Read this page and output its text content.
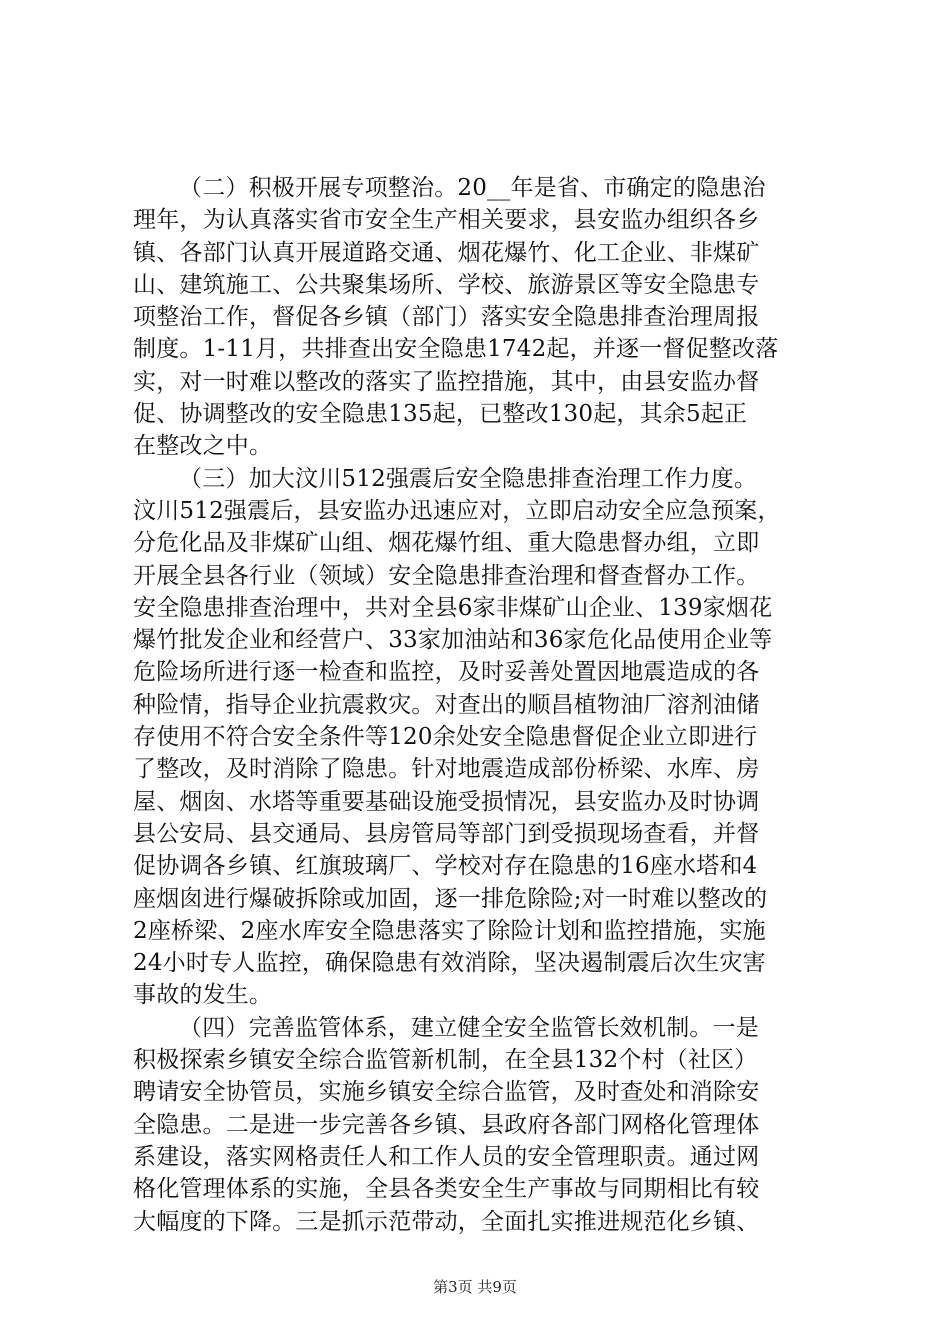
（二）积极开展专项整治。20__年是省、市确定的隐患治
理年，为认真落实省市安全生产相关要求，县安监办组织各乡
镇、各部门认真开展道路交通、烟花爆竹、化工企业、非煤矿
山、建筑施工、公共聚集场所、学校、旅游景区等安全隐患专
项整治工作，督促各乡镇（部门）落实安全隐患排查治理周报
制度。1-11月，共排查出安全隐患1742起，并逐一督促整改落
实，对一时难以整改的落实了监控措施，其中，由县安监办督
促、协调整改的安全隐患135起，已整改130起，其余5起正
在整改之中。
（三）加大汶川512强震后安全隐患排查治理工作力度。
汶川512强震后，县安监办迅速应对，立即启动安全应急预案，
分危化品及非煤矿山组、烟花爆竹组、重大隐患督办组，立即
开展全县各行业（领域）安全隐患排查治理和督查督办工作。
安全隐患排查治理中，共对全县6家非煤矿山企业、139家烟花
爆竹批发企业和经营户、33家加油站和36家危化品使用企业等
危险场所进行逐一检查和监控，及时妥善处置因地震造成的各
种险情，指导企业抗震救灾。对查出的顺昌植物油厂溶剂油储
存使用不符合安全条件等120余处安全隐患督促企业立即进行
了整改，及时消除了隐患。针对地震造成部份桥梁、水库、房
屋、烟囱、水塔等重要基础设施受损情况，县安监办及时协调
县公安局、县交通局、县房管局等部门到受损现场查看，并督
促协调各乡镇、红旗玻璃厂、学校对存在隐患的16座水塔和4
座烟囱进行爆破拆除或加固，逐一排危除险;对一时难以整改的
2座桥梁、2座水库安全隐患落实了除险计划和监控措施，实施
24小时专人监控，确保隐患有效消除，坚决遏制震后次生灾害
事故的发生。
（四）完善监管体系，建立健全安全监管长效机制。一是
积极探索乡镇安全综合监管新机制，在全县132个村（社区）
聘请安全协管员，实施乡镇安全综合监管，及时查处和消除安
全隐患。二是进一步完善各乡镇、县政府各部门网格化管理体
系建设，落实网格责任人和工作人员的安全管理职责。通过网
格化管理体系的实施，全县各类安全生产事故与同期相比有较
大幅度的下降。三是抓示范带动，全面扎实推进规范化乡镇、
第3页 共9页
